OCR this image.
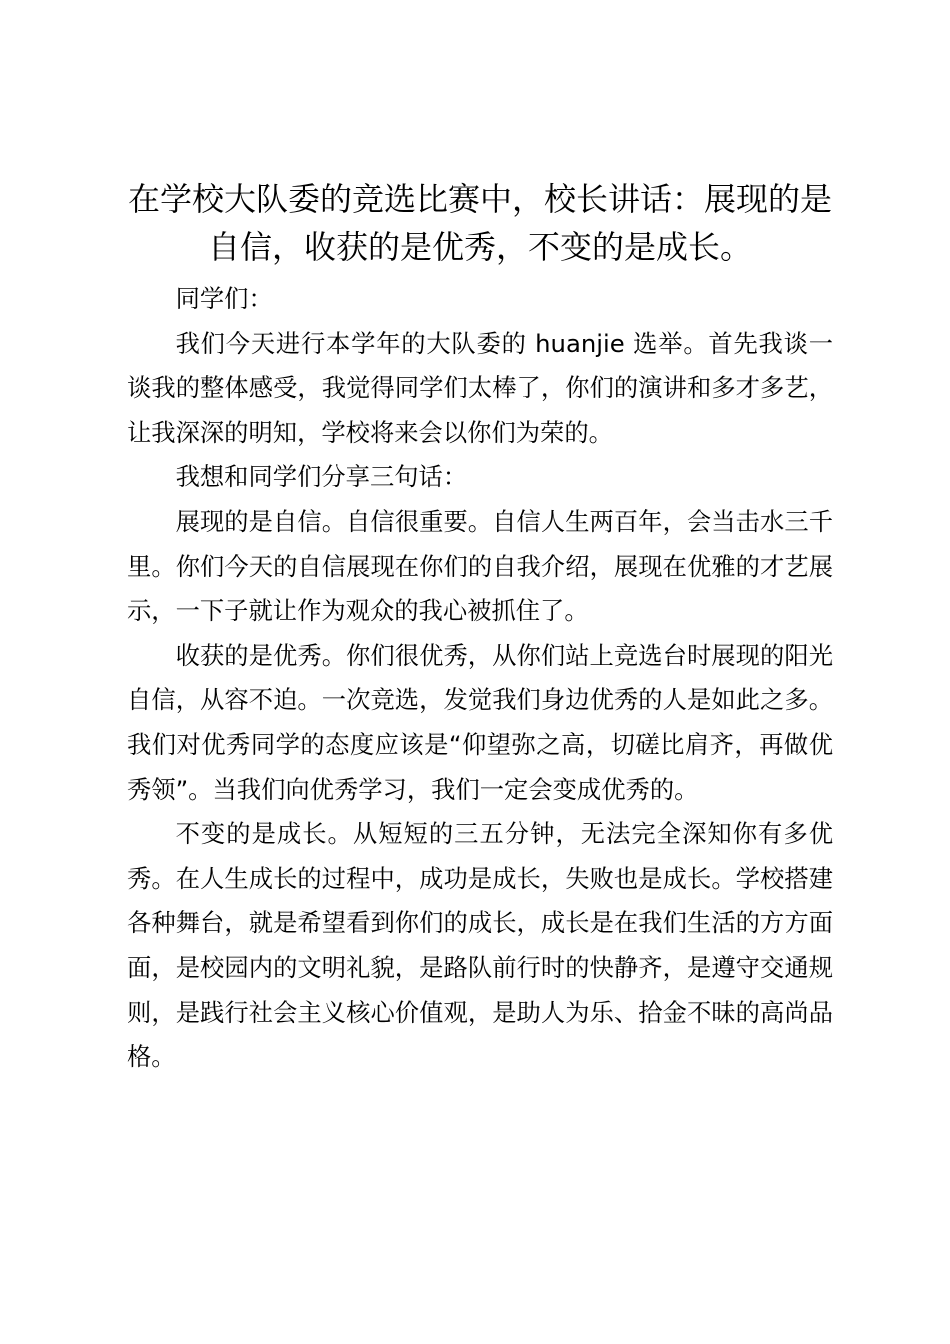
在学校大队委的竞选比赛中，校长讲话：展现的是自信，收获的是优秀，不变的是成长。

同学们：

我们今天进行本学年的大队委的 huanjie 选举。首先我谈一谈我的整体感受，我觉得同学们太棒了，你们的演讲和多才多艺，让我深深的明知，学校将来会以你们为荣的。

我想和同学们分享三句话：

展现的是自信。自信很重要。自信人生两百年，会当击水三千里。你们今天的自信展现在你们的自我介绍，展现在优雅的才艺展示，一下子就让作为观众的我心被抓住了。

收获的是优秀。你们很优秀，从你们站上竞选台时展现的阳光自信，从容不迫。一次竞选，发觉我们身边优秀的人是如此之多。我们对优秀同学的态度应该是“仰望弥之高，切磋比肩齐，再做优秀领”。当我们向优秀学习，我们一定会变成优秀的。

不变的是成长。从短短的三五分钟，无法完全深知你有多优秀。在人生成长的过程中，成功是成长，失败也是成长。学校搭建各种舞台，就是希望看到你们的成长，成长是在我们生活的方方面面，是校园内的文明礼貌，是路队前行时的快静齐，是遵守交通规则，是践行社会主义核心价值观，是助人为乐、拾金不昧的高尚品格。
